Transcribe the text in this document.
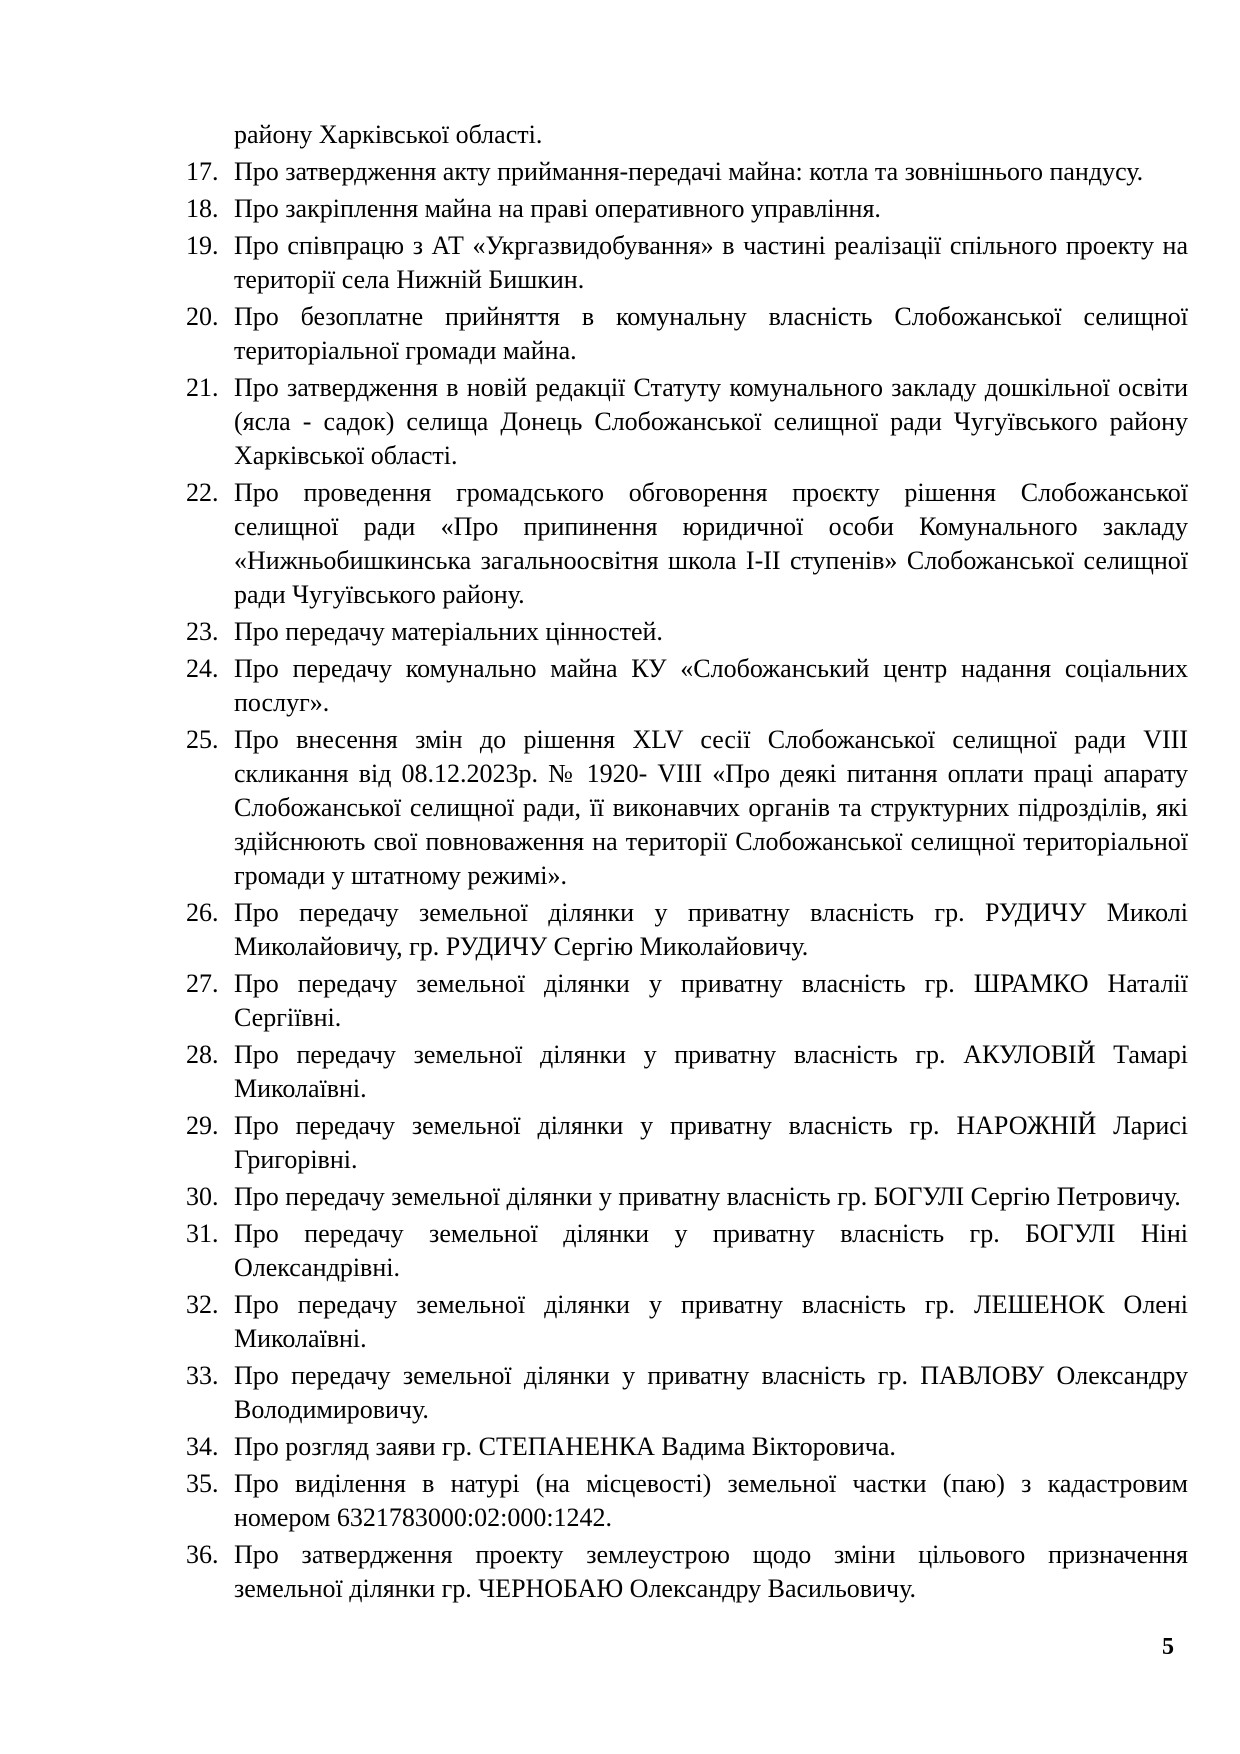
району Харківської області.
17. Про затвердження акту приймання-передачі майна: котла та зовнішнього пандусу.
18. Про закріплення майна на праві оперативного управління.
19. Про співпрацю з АТ «Укргазвидобування» в частині реалізації спільного проекту на території села Нижній Бишкин.
20. Про безоплатне прийняття в комунальну власність Слобожанської селищної територіальної громади майна.
21. Про затвердження в новій редакції Статуту комунального закладу дошкільної освіти (ясла - садок) селища Донець Слобожанської селищної ради Чугуївського району Харківської області.
22. Про проведення громадського обговорення проєкту рішення Слобожанської селищної ради «Про припинення юридичної особи Комунального закладу «Нижньобишкинська загальноосвітня школа І-ІІ ступенів» Слобожанської селищної ради Чугуївського району.
23. Про передачу матеріальних цінностей.
24. Про передачу комунально майна КУ «Слобожанський центр надання соціальних послуг».
25. Про внесення змін до рішення XLV сесії Слобожанської селищної ради VIII скликання від 08.12.2023р. № 1920- VIII «Про деякі питання оплати праці апарату Слобожанської селищної ради, її виконавчих органів та структурних підрозділів, які здійснюють свої повноваження на території Слобожанської селищної територіальної громади у штатному режимі».
26. Про передачу земельної ділянки у приватну власність гр. РУДИЧУ Миколі Миколайовичу, гр. РУДИЧУ Сергію Миколайовичу.
27. Про передачу земельної ділянки у приватну власність гр. ШРАМКО Наталії Сергіївні.
28. Про передачу земельної ділянки у приватну власність гр. АКУЛОВІЙ Тамарі Миколаївні.
29. Про передачу земельної ділянки у приватну власність гр. НАРОЖНІЙ Ларисі Григорівні.
30. Про передачу земельної ділянки у приватну власність гр. БОГУЛІ Сергію Петровичу.
31. Про передачу земельної ділянки у приватну власність гр. БОГУЛІ Ніні Олександрівні.
32. Про передачу земельної ділянки у приватну власність гр. ЛЕШЕНОК Олені Миколаївні.
33. Про передачу земельної ділянки у приватну власність гр. ПАВЛОВУ Олександру Володимировичу.
34. Про розгляд заяви гр. СТЕПАНЕНКА Вадима Вікторовича.
35. Про виділення в натурі (на місцевості) земельної частки (паю) з кадастровим номером 6321783000:02:000:1242.
36. Про затвердження проекту землеустрою щодо зміни цільового призначення земельної ділянки гр. ЧЕРНОБАЮ Олександру Васильовичу.
5
